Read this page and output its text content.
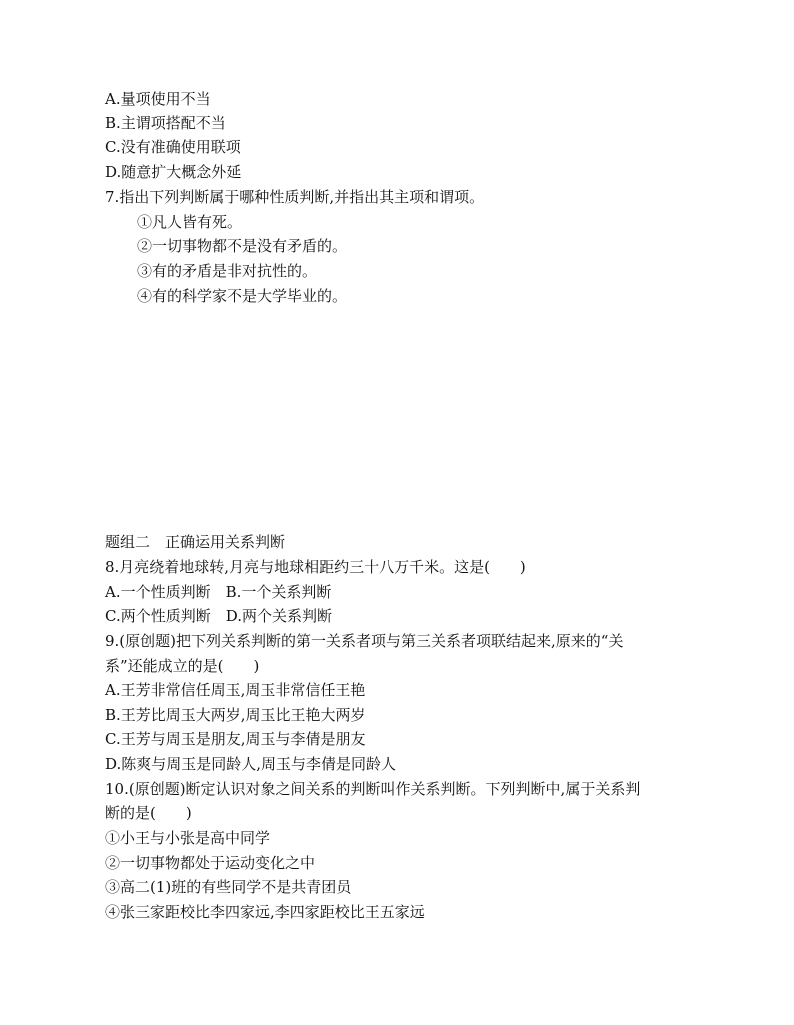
A.量项使用不当
B.主谓项搭配不当
C.没有准确使用联项
D.随意扩大概念外延
7.指出下列判断属于哪种性质判断,并指出其主项和谓项。
①凡人皆有死。
②一切事物都不是没有矛盾的。
③有的矛盾是非对抗性的。
④有的科学家不是大学毕业的。
题组二　正确运用关系判断
8.月亮绕着地球转,月亮与地球相距约三十八万千米。这是(　　)
A.一个性质判断　B.一个关系判断
C.两个性质判断　D.两个关系判断
9.(原创题)把下列关系判断的第一关系者项与第三关系者项联结起来,原来的“关
系”还能成立的是(　　)
A.王芳非常信任周玉,周玉非常信任王艳
B.王芳比周玉大两岁,周玉比王艳大两岁
C.王芳与周玉是朋友,周玉与李倩是朋友
D.陈爽与周玉是同龄人,周玉与李倩是同龄人
10.(原创题)断定认识对象之间关系的判断叫作关系判断。下列判断中,属于关系判
断的是(　　)
①小王与小张是高中同学
②一切事物都处于运动变化之中
③高二(1)班的有些同学不是共青团员
④张三家距校比李四家远,李四家距校比王五家远
